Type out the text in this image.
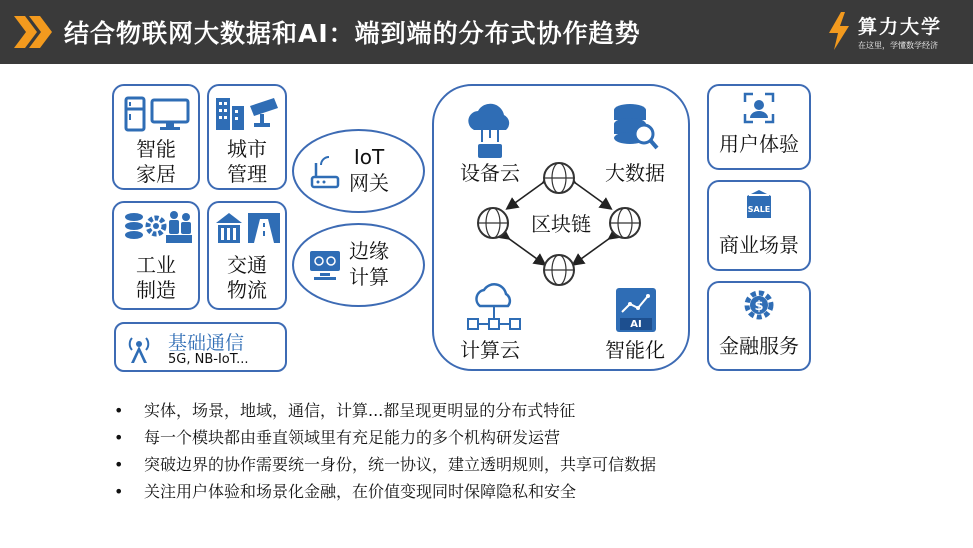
结合物联网大数据和AI：端到端的分布式协作趋势	算力大学
在这里，学懂数学经济
智能
家居
城市
管理
工业
制造
交通
物流
IoT
网关
边缘
计算
基础通信
5G, NB-IoT...
设备云	大数据
区块链
计算云
AI
智能化
用户体验
SALE
商业场景
$
金融服务
• 实体，场景，地域，通信，计算...都呈现更明显的分布式特征
• 每一个模块都由垂直领域里有充足能力的多个机构研发运营
• 突破边界的协作需要统一身份，统一协议，建立透明规则，共享可信数据
• 关注用户体验和场景化金融，在价值变现同时保障隐私和安全
